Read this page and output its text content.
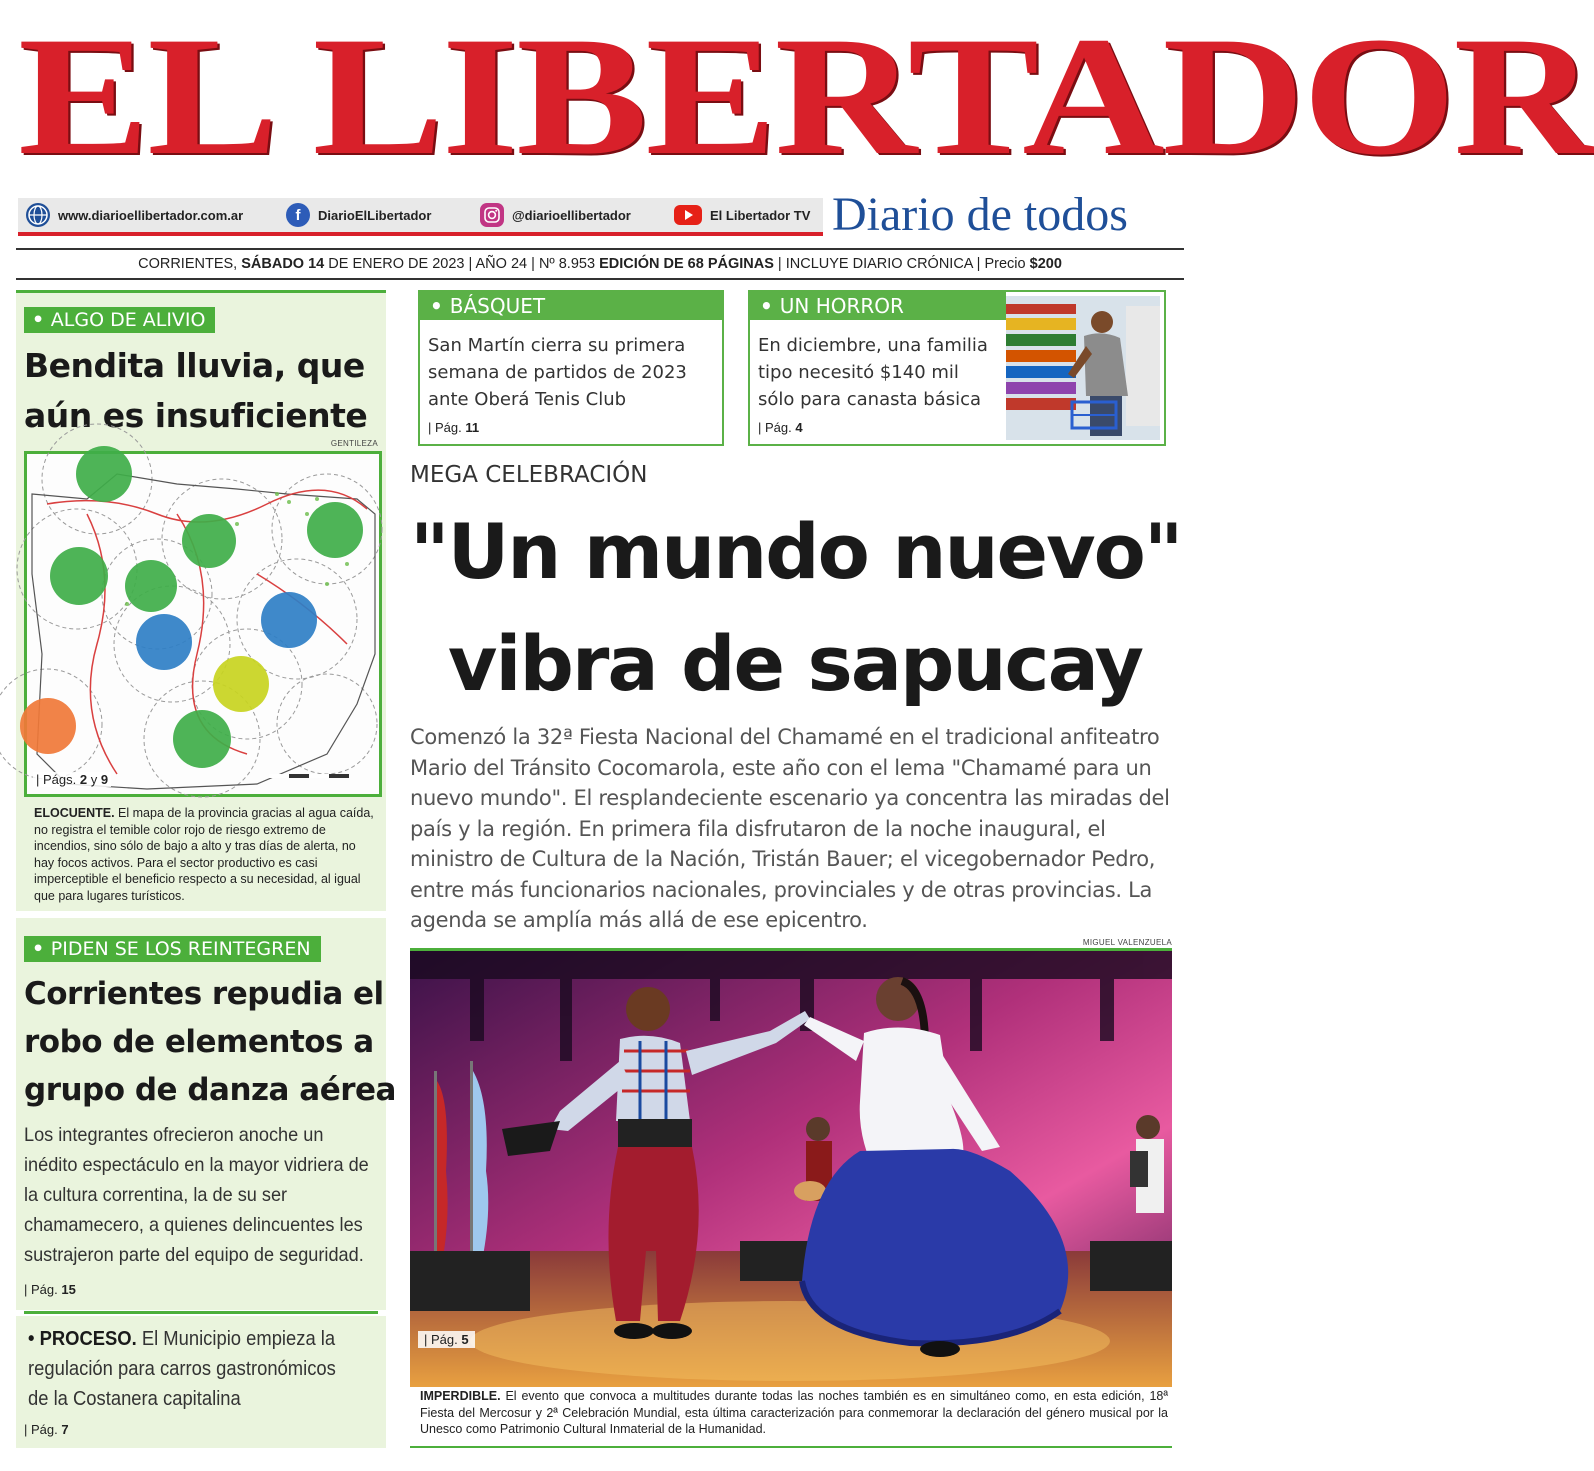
EL LIBERTADOR
www.diarioellibertador.com.ar	f	DiarioElLibertador	@diarioellibertador	El Libertador TV Diario de todos
CORRIENTES, SÁBADO 14 DE ENERO DE 2023 | AÑO 24 | Nº 8.953 EDICIÓN DE 68 PÁGINAS | INCLUYE DIARIO CRÓNICA | Precio $200
• ALGO DE ALIVIO
Bendita lluvia, que
aún es insuficiente
GENTILEZA
| Págs. 2 y 9
ELOCUENTE. El mapa de la provincia gracias al agua caída, no registra el temible color rojo de riesgo extremo de incendios, sino sólo de bajo a alto y tras días de alerta, no hay focos activos. Para el sector productivo es casi imperceptible el beneficio respecto a su necesidad, al igual que para lugares turísticos.
• PIDEN SE LOS REINTEGREN
Corrientes repudia el
robo de elementos a
grupo de danza aérea
Los integrantes ofrecieron anoche un inédito espectáculo en la mayor vidriera de la cultura correntina, la de su ser chamamecero, a quienes delincuentes les sustrajeron parte del equipo de seguridad.
| Pág. 15
• PROCESO. El Municipio empieza la
regulación para carros gastronómicos
de la Costanera capitalina
| Pág. 7
• BÁSQUET
San Martín cierra su primera
semana de partidos de 2023
ante Oberá Tenis Club
| Pág. 11
• UN HORROR
En diciembre, una familia
tipo necesitó $140 mil
sólo para canasta básica
| Pág. 4
MEGA CELEBRACIÓN
"Un mundo nuevo"
vibra de sapucay
Comenzó la 32ª Fiesta Nacional del Chamamé en el tradicional anfiteatro Mario del Tránsito Cocomarola, este año con el lema "Chamamé para un nuevo mundo". El resplandeciente escenario ya concentra las miradas del país y la región. En primera fila disfrutaron de la noche inaugural, el ministro de Cultura de la Nación, Tristán Bauer; el vicegobernador Pedro, entre más funcionarios nacionales, provinciales y de otras provincias. La agenda se amplía más allá de ese epicentro.
MIGUEL VALENZUELA
| Pág. 5
IMPERDIBLE. El evento que convoca a multitudes durante todas las noches también es en simultáneo como, en esta edición, 18ª Fiesta del Mercosur y 2ª Celebración Mundial, esta última caracterización para conmemorar la declaración del género musical por la Unesco como Patrimonio Cultural Inmaterial de la Humanidad.
